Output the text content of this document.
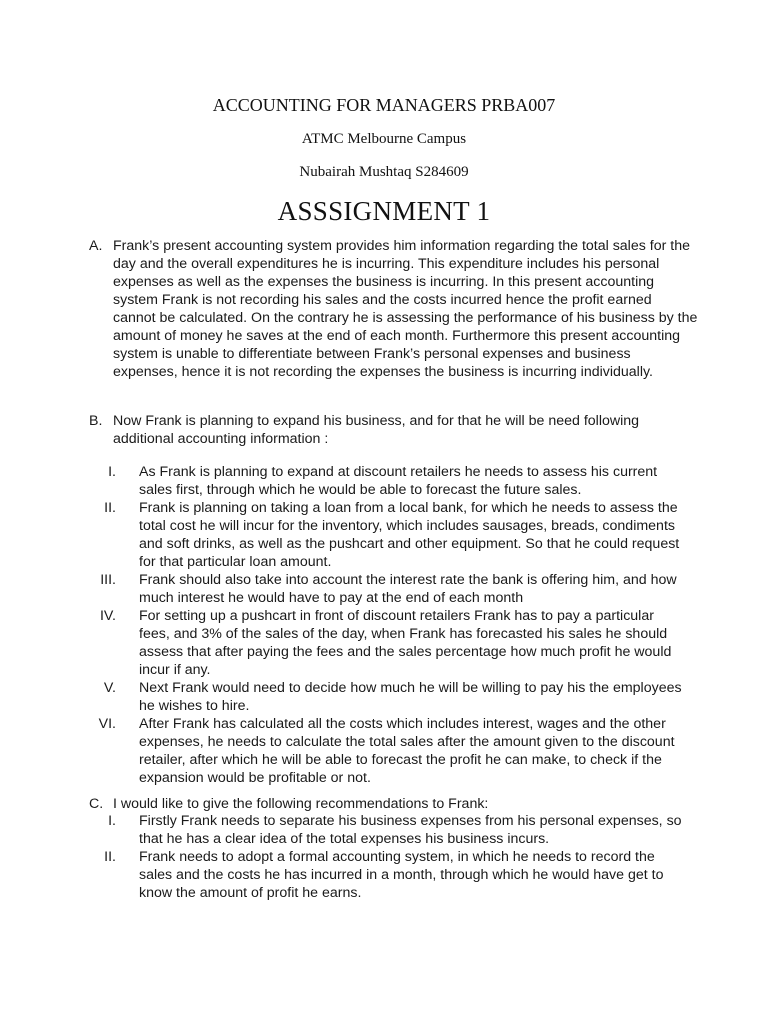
ACCOUNTING FOR MANAGERS PRBA007
ATMC Melbourne Campus
Nubairah Mushtaq S284609
ASSSIGNMENT 1
A. Frank’s present accounting system provides him information regarding the total sales for the day and the overall expenditures he is incurring. This expenditure includes his personal expenses as well as the expenses the business is incurring. In this present accounting system Frank is not recording his sales and the costs incurred hence the profit earned cannot be calculated. On the contrary he is assessing the performance of his business by the amount of money he saves at the end of each month. Furthermore this present accounting system is unable to differentiate between Frank’s personal expenses and business expenses, hence it is not recording the expenses the business is incurring individually.
B. Now Frank is planning to expand his business, and for that he will be need following additional accounting information :
I. As Frank is planning to expand at discount retailers he needs to assess his current sales first, through which he would be able to forecast the future sales.
II. Frank is planning on taking a loan from a local bank, for which he needs to assess the total cost he will incur for the inventory, which includes sausages, breads, condiments and soft drinks, as well as the pushcart and other equipment. So that he could request for that particular loan amount.
III. Frank should also take into account the interest rate the bank is offering him, and how much interest he would have to pay at the end of each month
IV. For setting up a pushcart in front of discount retailers Frank has to pay a particular fees, and 3% of the sales of the day, when Frank has forecasted his sales he should assess that after paying the fees and the sales percentage how much profit he would incur if any.
V. Next Frank would need to decide how much he will be willing to pay his the employees he wishes to hire.
VI. After Frank has calculated all the costs which includes interest, wages and the other expenses, he needs to calculate the total sales after the amount given to the discount retailer, after which he will be able to forecast the profit he can make, to check if the expansion would be profitable or not.
C. I would like to give the following recommendations to Frank:
I. Firstly Frank needs to separate his business expenses from his personal expenses, so that he has a clear idea of the total expenses his business incurs.
II. Frank needs to adopt a formal accounting system, in which he needs to record the sales and the costs he has incurred in a month, through which he would have get to know the amount of profit he earns.
